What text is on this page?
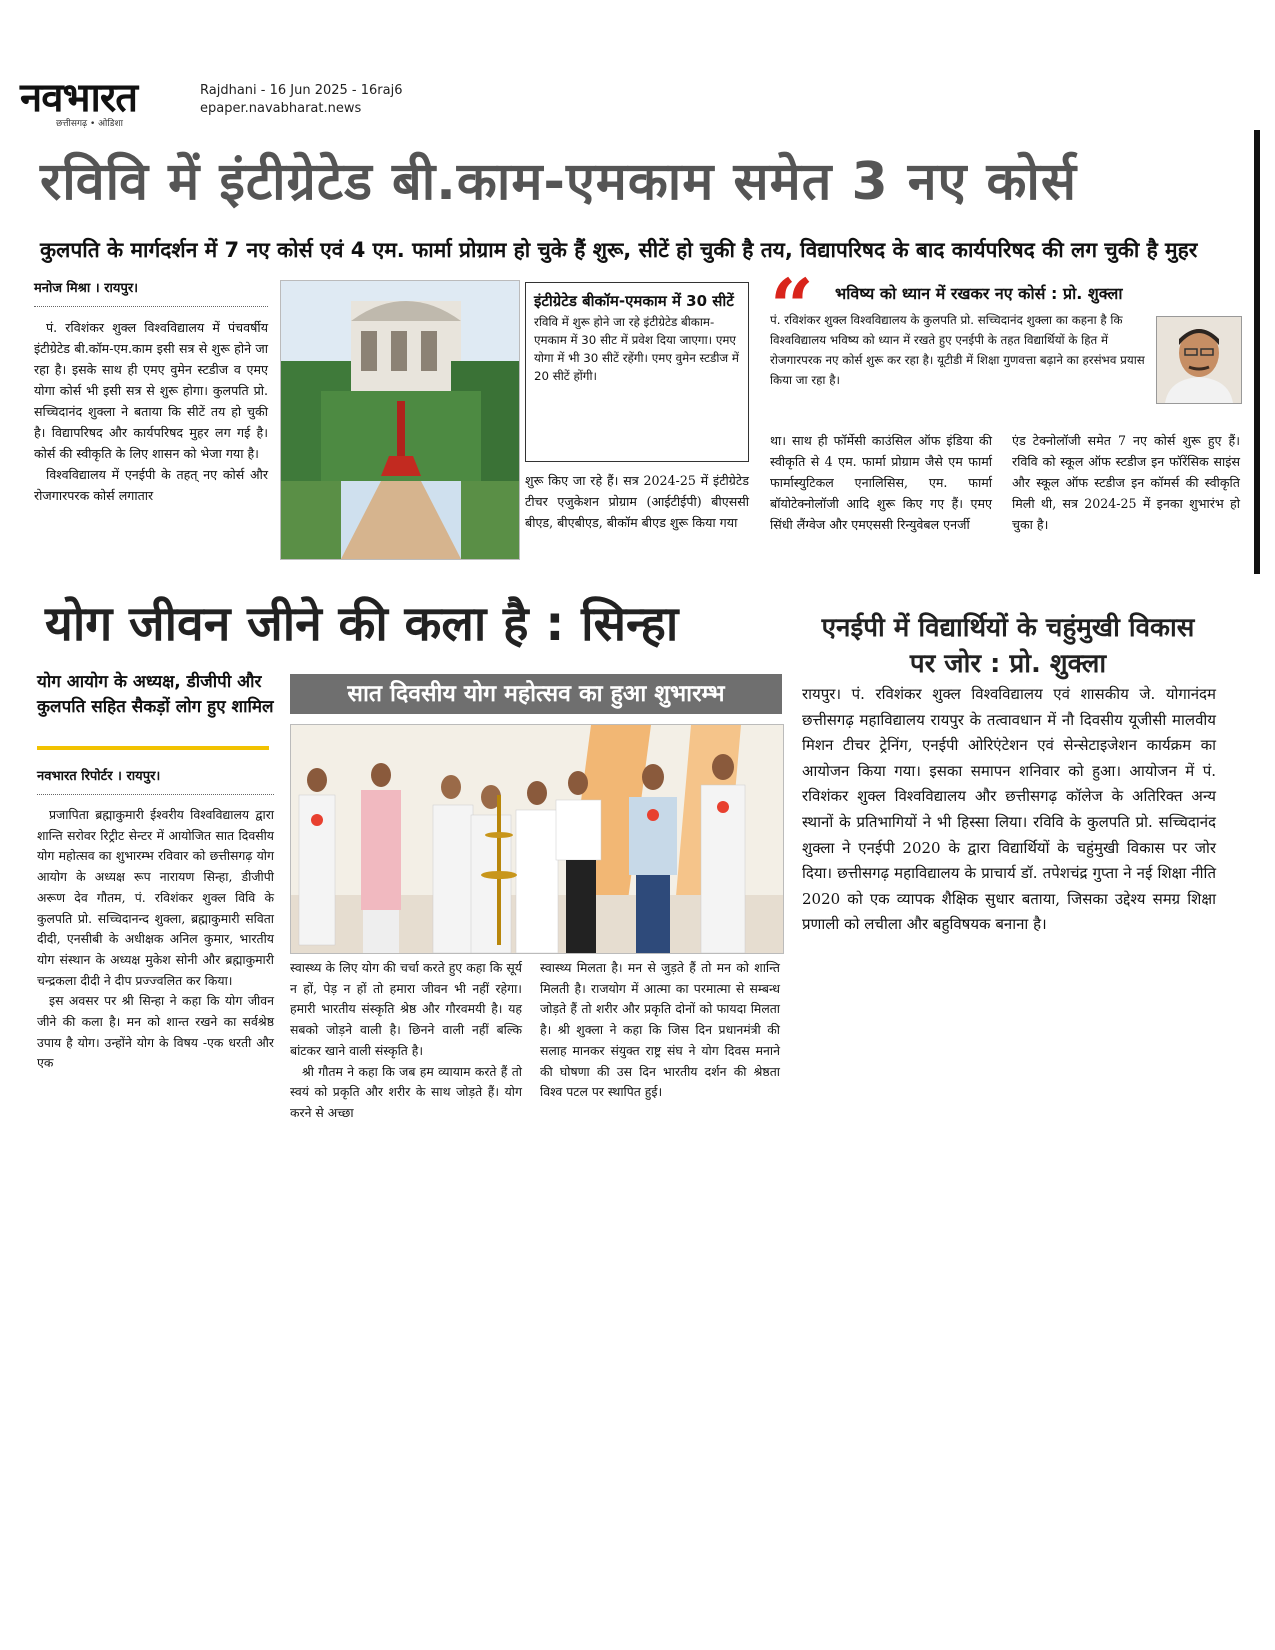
नवभारत
छत्तीसगढ़ • ओडिशा
Rajdhani - 16 Jun 2025 - 16raj6
epaper.navabharat.news
रविवि में इंटीग्रेटेड बी.काम-एमकाम समेत 3 नए कोर्स
कुलपति के मार्गदर्शन में 7 नए कोर्स एवं 4 एम. फार्मा प्रोग्राम हो चुके हैं शुरू, सीटें हो चुकी है तय, विद्यापरिषद के बाद कार्यपरिषद की लग चुकी है मुहर
मनोज मिश्रा । रायपुर।

पं. रविशंकर शुक्ल विश्वविद्यालय में पंचवर्षीय इंटीग्रेटेड बी.कॉम-एम.काम इसी सत्र से शुरू होने जा रहा है। इसके साथ ही एमए वुमेन स्टडीज व एमए योगा कोर्स भी इसी सत्र से शुरू होगा। कुलपति प्रो. सच्चिदानंद शुक्ला ने बताया कि सीटें तय हो चुकी है। विद्यापरिषद और कार्यपरिषद मुहर लग गई है। कोर्स की स्वीकृति के लिए शासन को भेजा गया है।

विश्वविद्यालय में एनईपी के तहत् नए कोर्स और रोजगारपरक कोर्स लगातार

इंटीग्रेटेड बीकॉम-एमकाम में 30 सीटें
रविवि में शुरू होने जा रहे इंटीग्रेटेड बीकाम-एमकाम में 30 सीट में प्रवेश दिया जाएगा। एमए योगा में भी 30 सीटें रहेंगी। एमए वुमेन स्टडीज में 20 सीटें होंगी।
शुरू किए जा रहे हैं। सत्र 2024-25 में इंटीग्रेटेड टीचर एजुकेशन प्रोग्राम (आईटीईपी) बीएससी बीएड, बीएबीएड, बीकॉम बीएड शुरू किया गया
“ भविष्य को ध्यान में रखकर नए कोर्स : प्रो. शुक्ला
पं. रविशंकर शुक्ल विश्वविद्यालय के कुलपति प्रो. सच्चिदानंद शुक्ला का कहना है कि विश्वविद्यालय भविष्य को ध्यान में रखते हुए एनईपी के तहत विद्यार्थियों के हित में रोजगारपरक नए कोर्स शुरू कर रहा है। यूटीडी में शिक्षा गुणवत्ता बढ़ाने का हरसंभव प्रयास किया जा रहा है।
था। साथ ही फॉर्मेसी काउंसिल ऑफ इंडिया की स्वीकृति से 4 एम. फार्मा प्रोग्राम जैसे एम फार्मा फार्मास्युटिकल एनालिसिस, एम. फार्मा बॉयोटेक्नोलॉजी आदि शुरू किए गए हैं। एमए सिंधी लैंग्वेज और एमएससी रिन्युवेबल एनर्जी
एंड टेक्नोलॉजी समेत 7 नए कोर्स शुरू हुए हैं। रविवि को स्कूल ऑफ स्टडीज इन फॉरेंसिक साइंस और स्कूल ऑफ स्टडीज इन कॉमर्स की स्वीकृति मिली थी, सत्र 2024-25 में इनका शुभारंभ हो चुका है।
योग जीवन जीने की कला है : सिन्हा
योग आयोग के अध्यक्ष, डीजीपी और कुलपति सहित सैकड़ों लोग हुए शामिल
नवभारत रिपोर्टर । रायपुर।

प्रजापिता ब्रह्माकुमारी ईश्वरीय विश्वविद्यालय द्वारा शान्ति सरोवर रिट्रीट सेन्टर में आयोजित सात दिवसीय योग महोत्सव का शुभारम्भ रविवार को छत्तीसगढ़ योग आयोग के अध्यक्ष रूप नारायण सिन्हा, डीजीपी अरूण देव गौतम, पं. रविशंकर शुक्ल विवि के कुलपति प्रो. सच्चिदानन्द शुक्ला, ब्रह्माकुमारी सविता दीदी, एनसीबी के अधीक्षक अनिल कुमार, भारतीय योग संस्थान के अध्यक्ष मुकेश सोनी और ब्रह्माकुमारी चन्द्रकला दीदी ने दीप प्रज्ज्वलित कर किया।

इस अवसर पर श्री सिन्हा ने कहा कि योग जीवन जीने की कला है। मन को शान्त रखने का सर्वश्रेष्ठ उपाय है योग। उन्होंने योग के विषय -एक धरती और एक

सात दिवसीय योग महोत्सव का हुआ शुभारम्भ

स्वास्थ्य के लिए योग की चर्चा करते हुए कहा कि सूर्य न हों, पेड़ न हों तो हमारा जीवन भी नहीं रहेगा। हमारी भारतीय संस्कृति श्रेष्ठ और गौरवमयी है। यह सबको जोड़ने वाली है। छिनने वाली नहीं बल्कि बांटकर खाने वाली संस्कृति है।

श्री गौतम ने कहा कि जब हम व्यायाम करते हैं तो स्वयं को प्रकृति और शरीर के साथ जोड़ते हैं। योग करने से अच्छा

स्वास्थ्य मिलता है। मन से जुड़ते हैं तो मन को शान्ति मिलती है। राजयोग में आत्मा का परमात्मा से सम्बन्ध जोड़ते हैं तो शरीर और प्रकृति दोनों को फायदा मिलता है। श्री शुक्ला ने कहा कि जिस दिन प्रधानमंत्री की सलाह मानकर संयुक्त राष्ट्र संघ ने योग दिवस मनाने की घोषणा की उस दिन भारतीय दर्शन की श्रेष्ठता विश्व पटल पर स्थापित हुई।
एनईपी में विद्यार्थियों के चहुंमुखी विकास पर जोर : प्रो. शुक्ला
रायपुर। पं. रविशंकर शुक्ल विश्वविद्यालय एवं शासकीय जे. योगानंदम छत्तीसगढ़ महाविद्यालय रायपुर के तत्वावधान में नौ दिवसीय यूजीसी मालवीय मिशन टीचर ट्रेनिंग, एनईपी ओरिएंटेशन एवं सेन्सेटाइजेशन कार्यक्रम का आयोजन किया गया। इसका समापन शनिवार को हुआ। आयोजन में पं. रविशंकर शुक्ल विश्वविद्यालय और छत्तीसगढ़ कॉलेज के अतिरिक्त अन्य स्थानों के प्रतिभागियों ने भी हिस्सा लिया। रविवि के कुलपति प्रो. सच्चिदानंद शुक्ला ने एनईपी 2020 के द्वारा विद्यार्थियों के चहुंमुखी विकास पर जोर दिया। छत्तीसगढ़ महाविद्यालय के प्राचार्य डॉ. तपेशचंद्र गुप्ता ने नई शिक्षा नीति 2020 को एक व्यापक शैक्षिक सुधार बताया, जिसका उद्देश्य समग्र शिक्षा प्रणाली को लचीला और बहुविषयक बनाना है।
